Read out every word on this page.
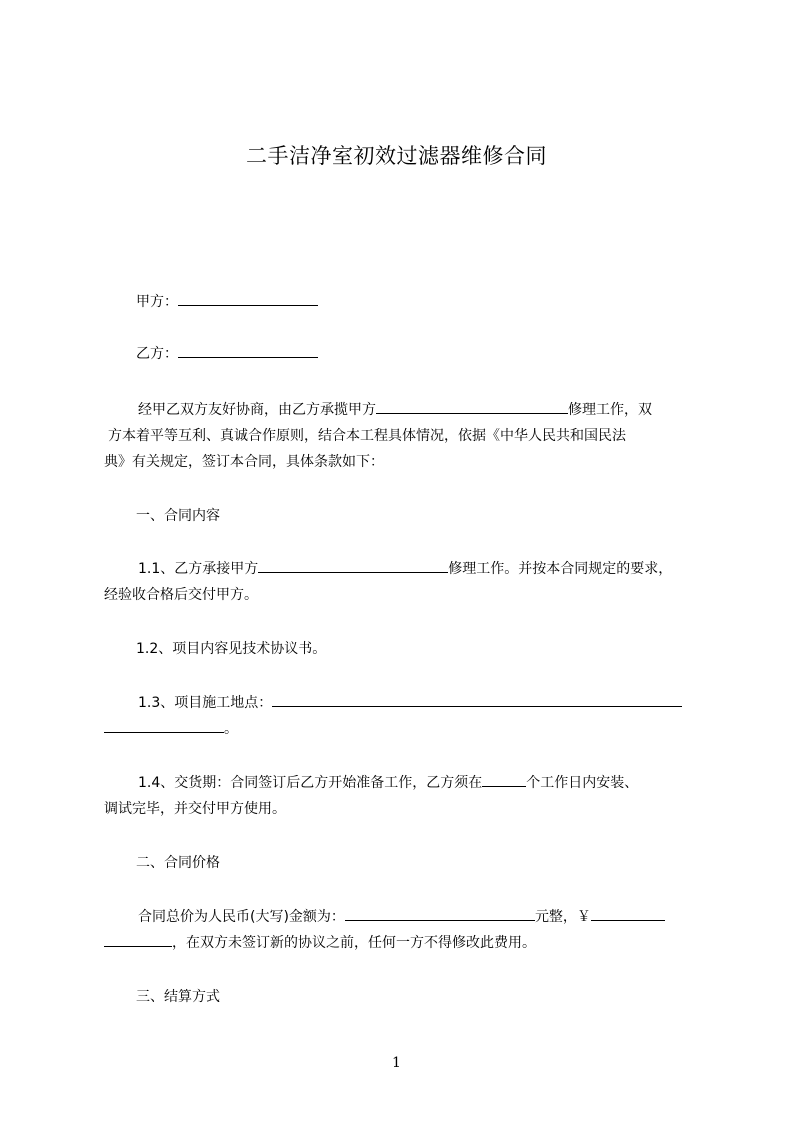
二手洁净室初效过滤器维修合同
甲方：
乙方：
经甲乙双方友好协商，由乙方承揽甲方	修理工作，双
方本着平等互利、真诚合作原则，结合本工程具体情况，依据《中华人民共和国民法
典》有关规定，签订本合同，具体条款如下：
一、合同内容
1.1、乙方承接甲方	修理工作。并按本合同规定的要求，
经验收合格后交付甲方。
1.2、项目内容见技术协议书。
1.3、项目施工地点：
。
1.4、交货期：合同签订后乙方开始准备工作，乙方须在	个工作日内安装、
调试完毕，并交付甲方使用。
二、合同价格
合同总价为人民币(大写)金额为：	元整，￥
，在双方未签订新的协议之前，任何一方不得修改此费用。
三、结算方式
1
